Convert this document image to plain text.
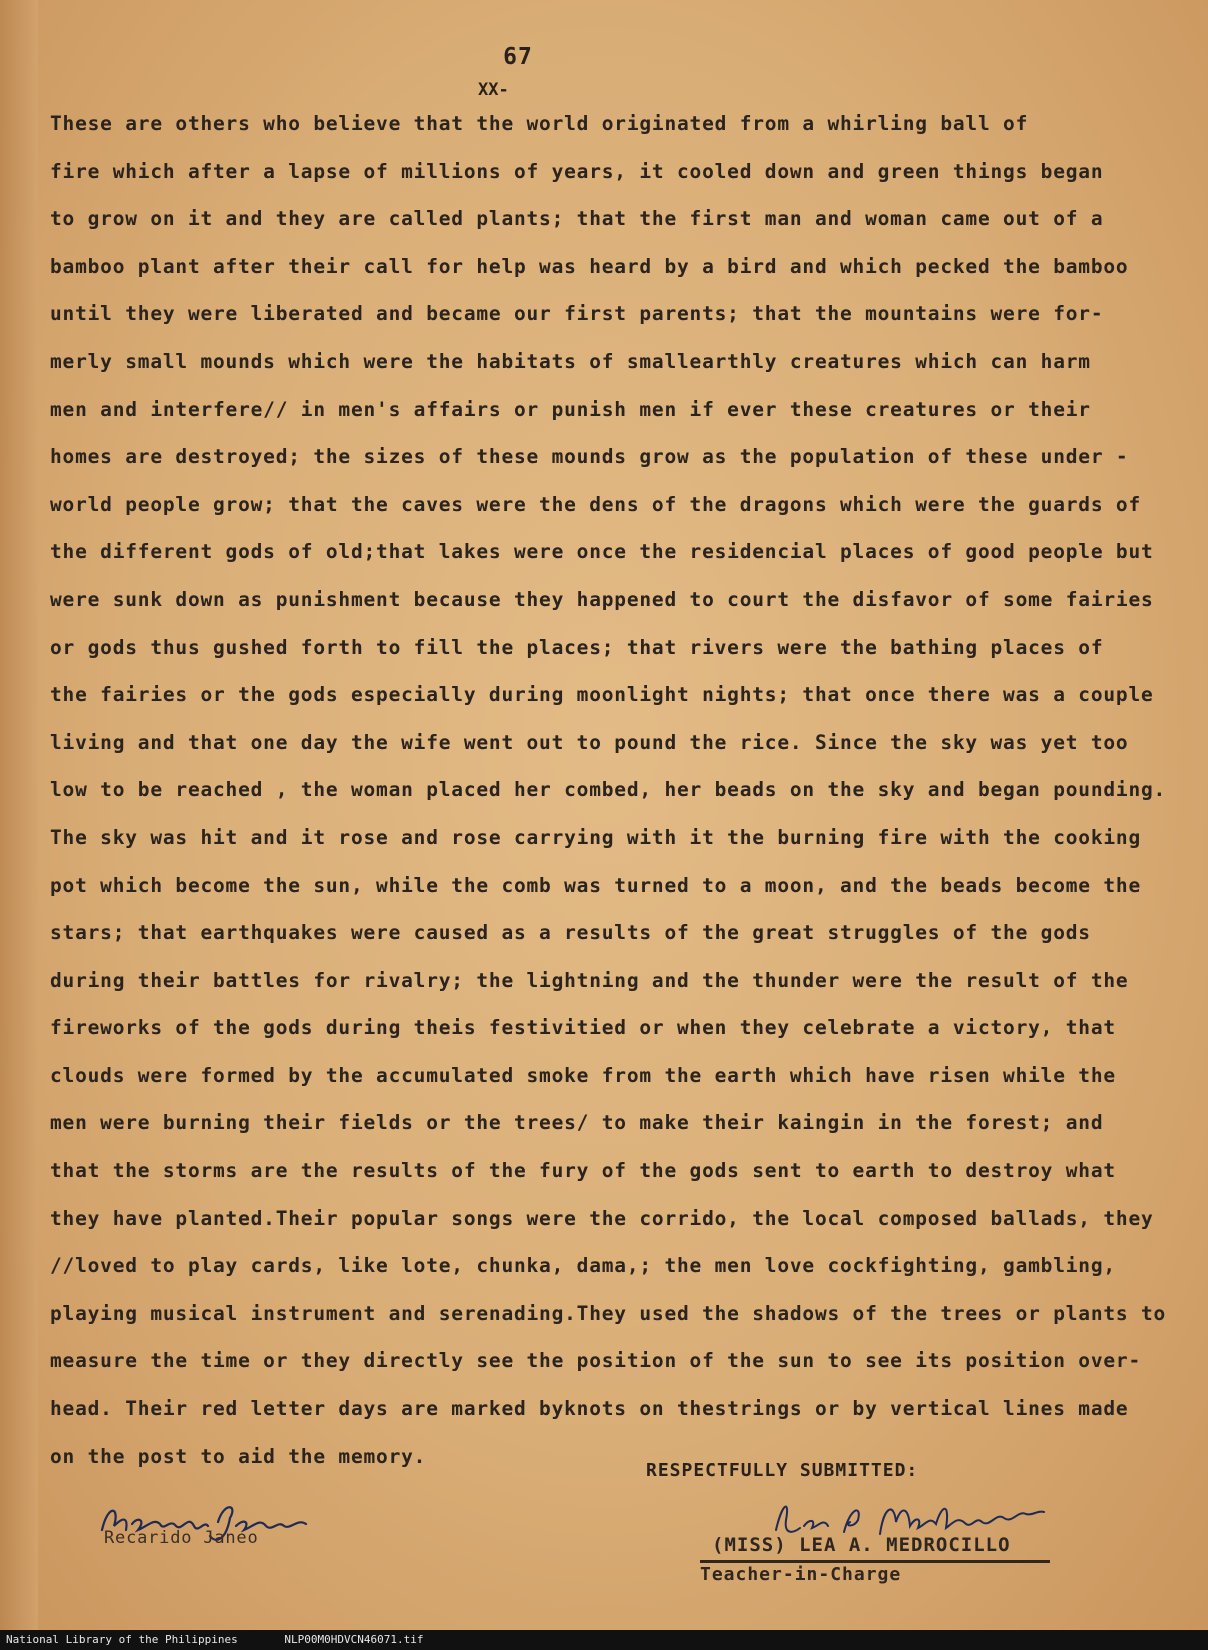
67
XX-
These are others who believe that the world originated from a whirling ball of
fire which after a lapse of millions of years, it cooled down and green things began
to grow on it and they are called plants; that the first man and woman came out of a
bamboo plant after their call for help was heard by a bird and which pecked the bamboo
until they were liberated and became our first parents; that the mountains were for-
merly small mounds which were the habitats of smallearthly creatures which can harm
men and interfere// in men's affairs or punish men if ever these creatures or their
homes are destroyed; the sizes of these mounds grow as the population of these under -
world people grow; that the caves were the dens of the dragons which were the guards of
the different gods of old;that lakes were once the residencial places of good people but
were sunk down as punishment because they happened to court the disfavor of some fairies
or gods thus gushed forth to fill the places; that rivers were the bathing places of
the fairies or the gods especially during moonlight nights; that once there was a couple
living and that one day the wife went out to pound the rice. Since the sky was yet too
low to be reached , the woman placed her combed, her beads on the sky and began pounding.
The sky was hit and it rose and rose carrying with it the burning fire with the cooking
pot which become the sun, while the comb was turned to a moon, and the beads become the
stars; that earthquakes were caused as a results of the great struggles of the gods
during their battles for rivalry; the lightning and the thunder were the result of the
fireworks of the gods during theis festivitied or when they celebrate a victory, that
clouds were formed by the accumulated smoke from the earth which have risen while the
men were burning their fields or the trees/ to make their kaingin in the forest; and
that the storms are the results of the fury of the gods sent to earth to destroy what
they have planted.Their popular songs were the corrido, the local composed ballads, they
//loved to play cards, like lote, chunka, dama,; the men love cockfighting, gambling,
playing musical instrument and serenading.They used the shadows of the trees or plants to
measure the time or they directly see the position of the sun to see its position over-
head. Their red letter days are marked byknots on thestrings or by vertical lines made
on the post to aid the memory.
RESPECTFULLY SUBMITTED:
Recarido Janeo	(MISS) LEA A. MEDROCILLO
Teacher-in-Charge
National Library of the Philippines	NLP00M0HDVCN46071.tif
